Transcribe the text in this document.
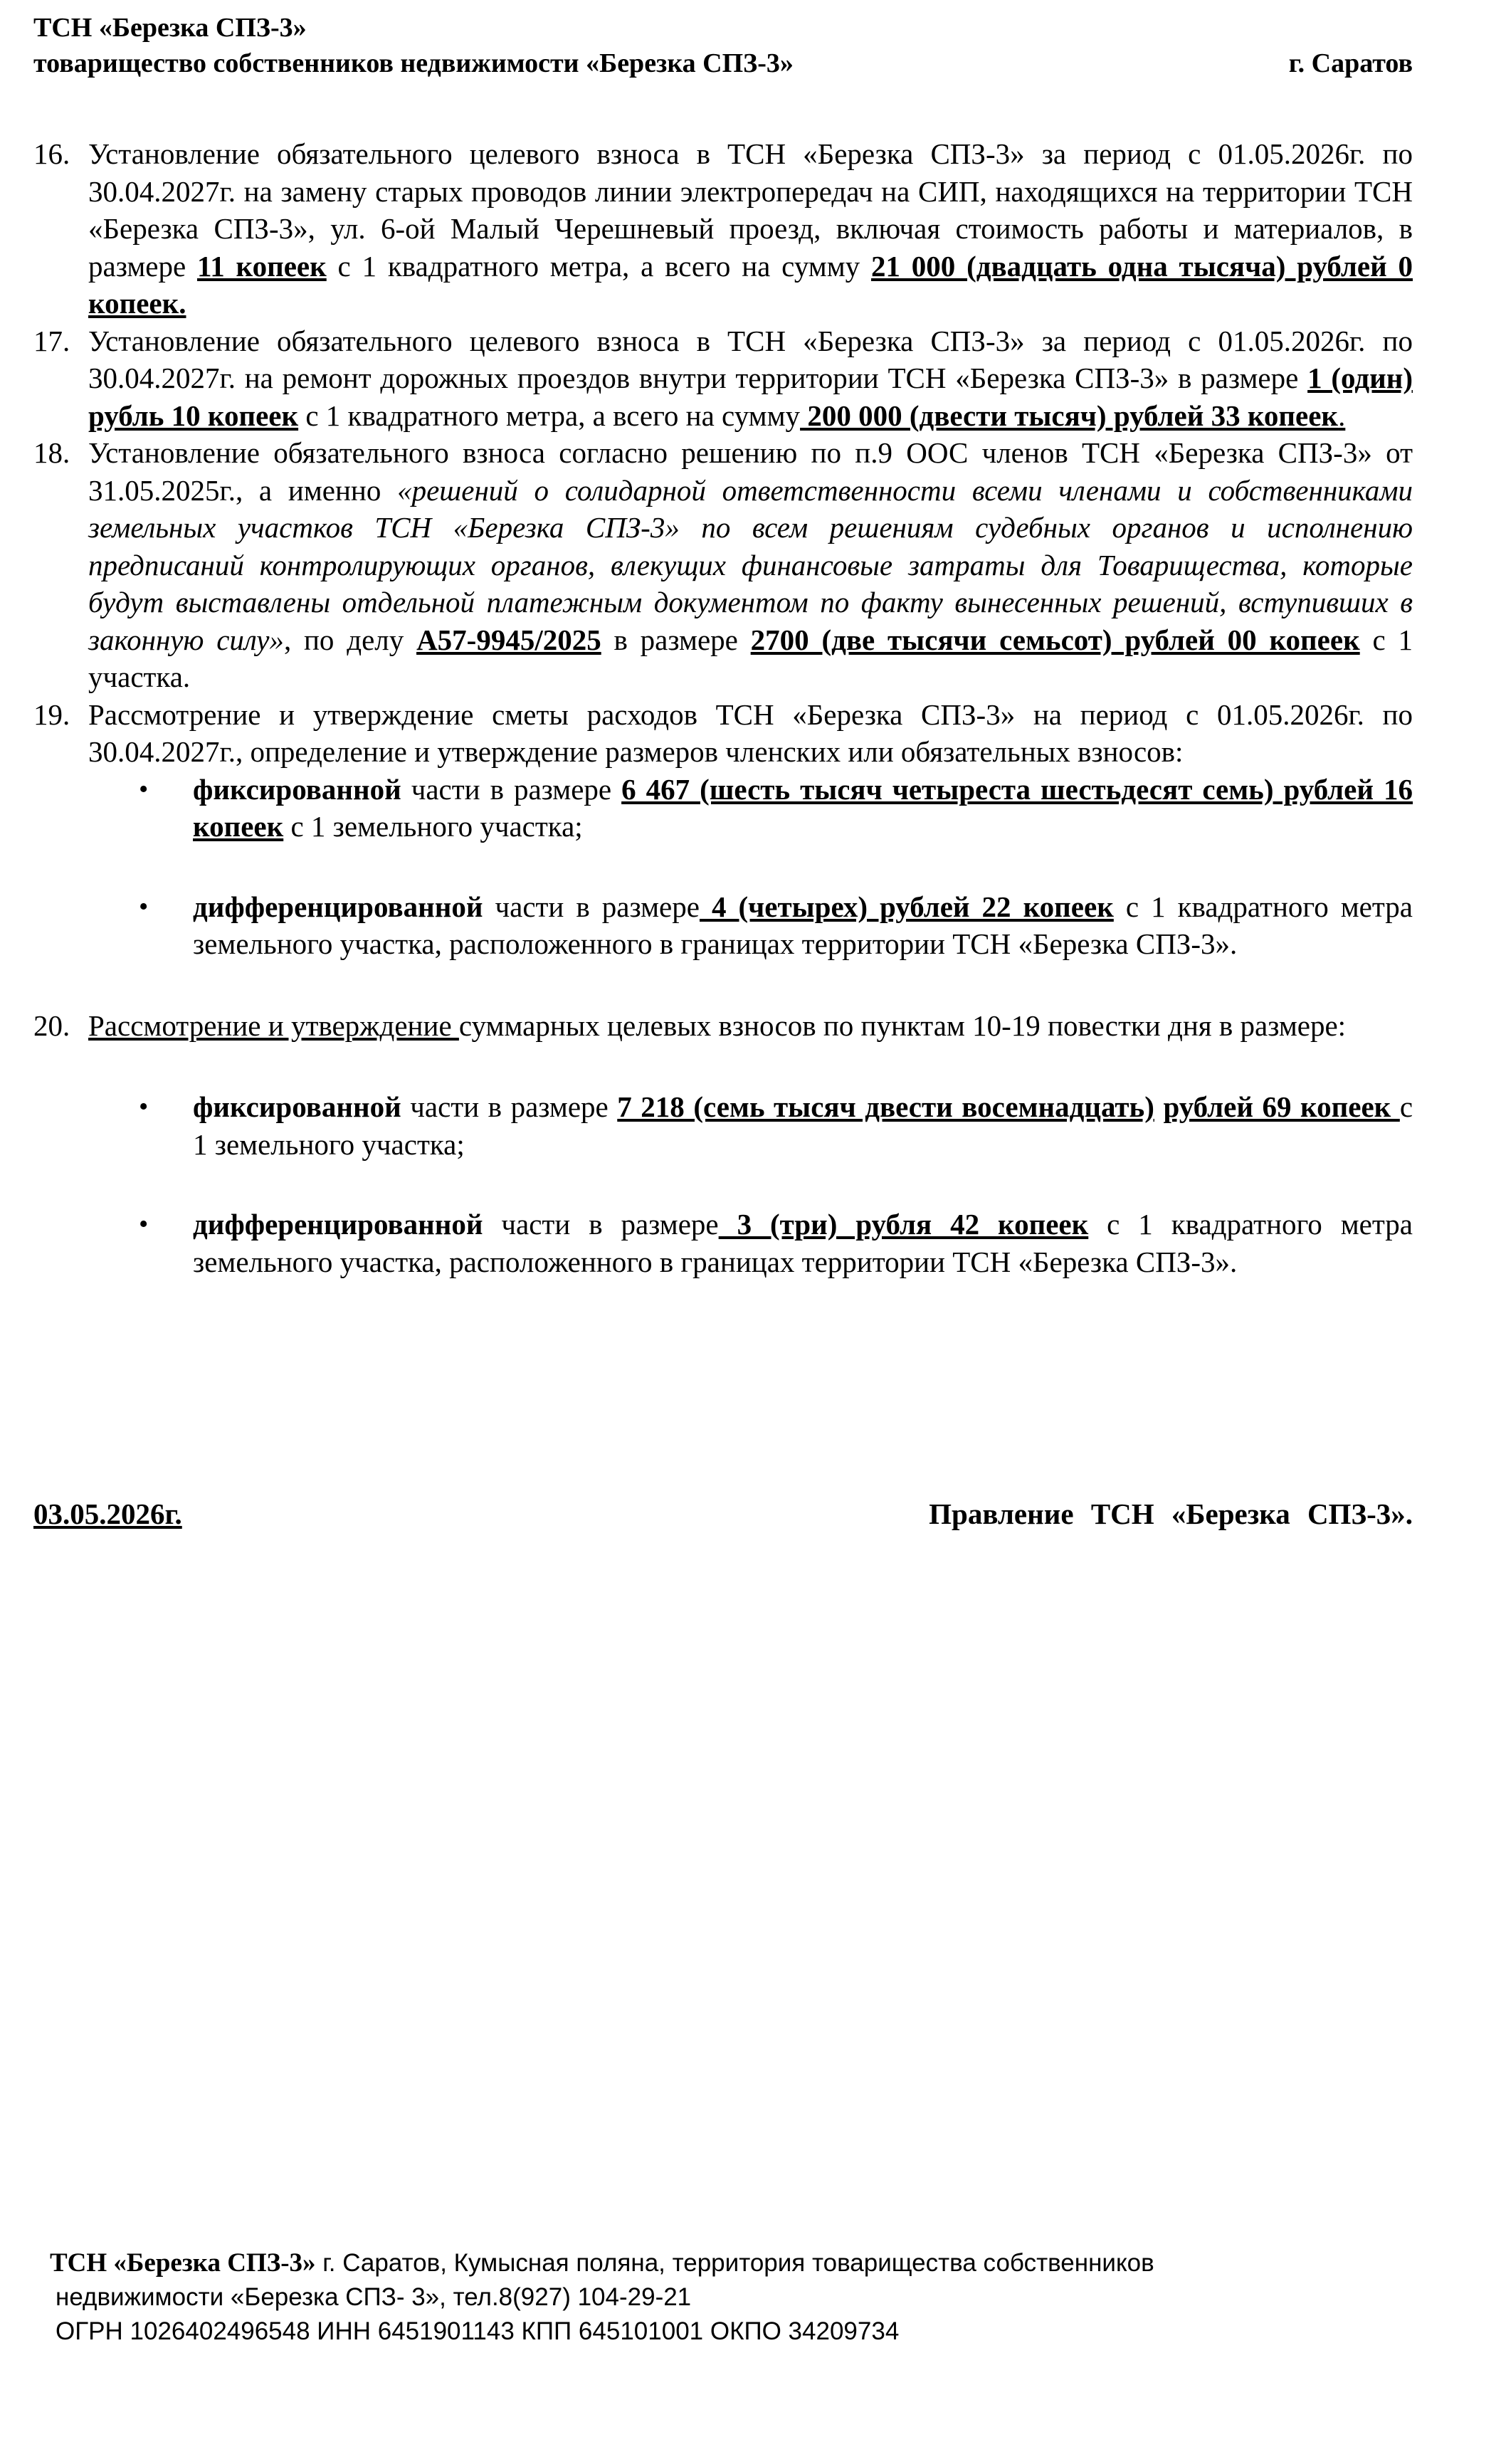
ТСН «Березка СПЗ-3»
товарищество собственников недвижимости «Березка СПЗ-3»	г. Саратов
16. Установление обязательного целевого взноса в ТСН «Березка СПЗ-3» за период с 01.05.2026г. по 30.04.2027г. на замену старых проводов линии электропередач на СИП, находящихся на территории ТСН «Березка СПЗ-3», ул. 6-ой Малый Черешневый проезд, включая стоимость работы и материалов, в размере 11 копеек с 1 квадратного метра, а всего на сумму 21 000 (двадцать одна тысяча) рублей 0 копеек.
17. Установление обязательного целевого взноса в ТСН «Березка СПЗ-3» за период с 01.05.2026г. по 30.04.2027г. на ремонт дорожных проездов внутри территории ТСН «Березка СПЗ-3» в размере 1 (один) рубль 10 копеек с 1 квадратного метра, а всего на сумму 200 000 (двести тысяч) рублей 33 копеек.
18. Установление обязательного взноса согласно решению по п.9 ООС членов ТСН «Березка СПЗ-3» от 31.05.2025г., а именно «решений о солидарной ответственности всеми членами и собственниками земельных участков ТСН «Березка СПЗ-3» по всем решениям судебных органов и исполнению предписаний контролирующих органов, влекущих финансовые затраты для Товарищества, которые будут выставлены отдельной платежным документом по факту вынесенных решений, вступивших в законную силу», по делу А57-9945/2025 в размере 2700 (две тысячи семьсот) рублей 00 копеек с 1 участка.
19. Рассмотрение и утверждение сметы расходов ТСН «Березка СПЗ-3» на период с 01.05.2026г. по 30.04.2027г., определение и утверждение размеров членских или обязательных взносов:
• фиксированной части в размере 6 467 (шесть тысяч четыреста шестьдесят семь) рублей 16 копеек с 1 земельного участка;
• дифференцированной части в размере 4 (четырех) рублей 22 копеек с 1 квадратного метра земельного участка, расположенного в границах территории ТСН «Березка СПЗ-3».
20. Рассмотрение и утверждение суммарных целевых взносов по пунктам 10-19 повестки дня в размере:
• фиксированной части в размере 7 218 (семь тысяч двести восемнадцать) рублей 69 копеек с 1 земельного участка;
• дифференцированной части в размере 3 (три) рубля 42 копеек с 1 квадратного метра земельного участка, расположенного в границах территории ТСН «Березка СПЗ-3».
03.05.2026г.	Правление ТСН «Березка СПЗ-3».
ТСН «Березка СПЗ-3» г. Саратов, Кумысная поляна, территория товарищества собственников
недвижимости «Березка СПЗ- 3», тел.8(927) 104-29-21
ОГРН 1026402496548 ИНН 6451901143 КПП 645101001 ОКПО 34209734
